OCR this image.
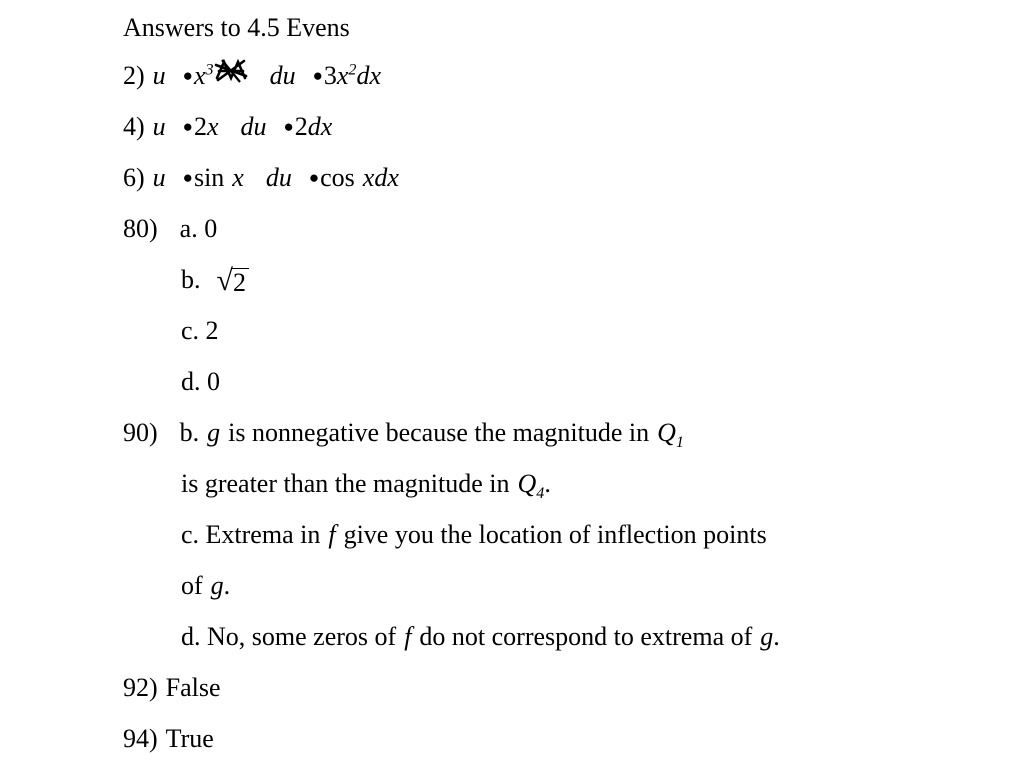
Answers to 4.5 Evens
2) u ● $x^3$ du ● 3 $x^2$ dx
4) u ● 2 x du ● 2 dx
6) u ● sin x du ● cos xdx
80) a. 0
b. √ 2
c. 2
d. 0
90) b. g is nonnegative because the magnitude in $Q_1$
is greater than the magnitude in $Q_4$ .
c. Extrema in f give you the location of inflection points
of g .
d. No, some zeros of f do not correspond to extrema of g .
92) False
94) True
